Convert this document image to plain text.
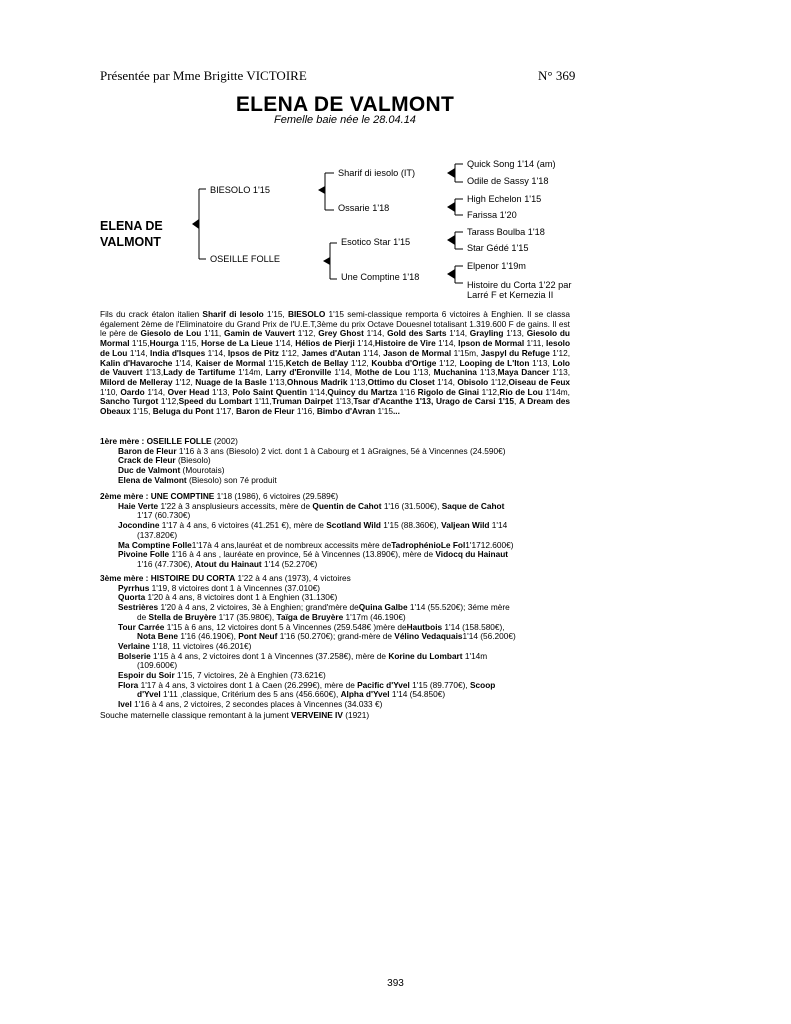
Présentée par Mme Brigitte VICTOIRE	N° 369
ELENA DE VALMONT
Femelle baie née le 28.04.14
ELENA DE
VALMONT
BIESOLO 1'15
OSEILLE FOLLE
Sharif di iesolo (IT)
Ossarie 1'18
Esotico Star 1'15
Une Comptine 1'18
Quick Song 1'14 (am)
Odile de Sassy 1'18
High Echelon 1'15
Farissa 1'20
Tarass Boulba 1'18
Star Gédé 1'15
Elpenor 1'19m
Histoire du Corta 1'22 par
Larré F et Kernezia II
Fils du crack étalon italien Sharif di Iesolo 1'15, BIESOLO 1'15 semi-classique remporta 6 victoires à Enghien. Il se classa également 2ème de l'Eliminatoire du Grand Prix de l'U.E.T,3ème du prix Octave Douesnel totalisant 1.319.600 F de gains. Il est le père de Giesolo de Lou 1'11, Gamin de Vauvert 1'12, Grey Ghost 1'14, Gold des Sarts 1'14, Grayling 1'13, Giesolo du Mormal 1'15,Hourga 1'15, Horse de La Lieue 1'14, Hélios de Pierji 1'14,Histoire de Vire 1'14, Ipson de Mormal 1'11, Iesolo de Lou 1'14, India d'Isques 1'14, Ipsos de Pitz 1'12, James d'Autan 1'14, Jason de Mormal 1'15m, Jaspyl du Refuge 1'12, Kalin d'Havaroche 1'14, Kaiser de Mormal 1'15,Ketch de Bellay 1'12, Koubba d'Ortige 1'12, Looping de L'Iton 1'13, Lolo de Vauvert 1'13,Lady de Tartifume 1'14m, Larry d'Eronville 1'14, Mothe de Lou 1'13, Muchanina 1'13,Maya Dancer 1'13, Milord de Melleray 1'12, Nuage de la Basle 1'13,Ohnous Madrik 1'13,Ottimo du Closet 1'14, Obisolo 1'12,Oiseau de Feux 1'10, Oardo 1'14, Over Head 1'13, Polo Saint Quentin 1'14,Quincy du Martza 1'16 Rigolo de Ginai 1'12,Rio de Lou 1'14m, Sancho Turgot 1'12,Speed du Lombart 1'11,Truman Dairpet 1'13,Tsar d'Acanthe 1'13, Urago de Carsi 1'15, A Dream des Obeaux 1'15, Beluga du Pont 1'17, Baron de Fleur 1'16, Bimbo d'Avran 1'15...
1ère mère : OSEILLE FOLLE (2002)
Baron de Fleur 1'16 à 3 ans (Biesolo) 2 vict. dont 1 à Cabourg et 1 àGraignes, 5é à Vincennes (24.590€)
Crack de Fleur (Biesolo)
Duc de Valmont (Mourotais)
Elena de Valmont (Biesolo) son 7é produit
2ème mère : UNE COMPTINE 1'18 (1986), 6 victoires (29.589€)
Haie Verte 1'22 à 3 ansplusieurs accessits, mère de Quentin de Cahot 1'16 (31.500€), Saque de Cahot
1'17 (60.730€)
Jocondine 1'17 à 4 ans, 6 victoires (41.251 €), mère de Scotland Wild 1'15 (88.360€), Valjean Wild 1'14
(137.820€)
Ma Comptine Folle1'17à 4 ans,lauréat et de nombreux accessits mère deTadrophénioLe Fol1'1712.600€)
Pivoine Folle 1'16 à 4 ans , lauréate en province, 5é à Vincennes (13.890€), mère de Vidocq du Hainaut
1'16 (47.730€), Atout du Hainaut 1'14 (52.270€)
3ème mère : HISTOIRE DU CORTA 1'22 à 4 ans (1973), 4 victoires
Pyrrhus 1'19, 8 victoires dont 1 à Vincennes (37.010€)
Quorta 1'20 à 4 ans, 8 victoires dont 1 à Enghien (31.130€)
Sestrières 1'20 à 4 ans, 2 victoires, 3è à Enghien; grand'mère deQuina Galbe 1'14 (55.520€); 3éme mère
de Stella de Bruyère 1'17 (35.980€), Taïga de Bruyère 1'17m (46.190€)
Tour Carrée 1'15 à 6 ans, 12 victoires dont 5 à Vincennes (259.548€ )mère deHautbois 1'14 (158.580€),
Nota Bene 1'16 (46.190€), Pont Neuf 1'16 (50.270€); grand-mère de Vélino Vedaquais1'14 (56.200€)
Verlaine 1'18, 11 victoires (46.201€)
Bolserie 1'15 à 4 ans, 2 victoires dont 1 à Vincennes (37.258€), mère de Korine du Lombart 1'14m
(109.600€)
Espoir du Soir 1'15, 7 victoires, 2è à Enghien (73.621€)
Flora 1'17 à 4 ans, 3 victoires dont 1 à Caen (26.299€), mère de Pacific d'Yvel 1'15 (89.770€), Scoop
d'Yvel 1'11 ,classique, Critérium des 5 ans (456.660€), Alpha d'Yvel 1'14 (54.850€)
Ivel 1'16 à 4 ans, 2 victoires, 2 secondes places à Vincennes (34.033 €)
Souche maternelle classique remontant à la jument VERVEINE IV (1921)
393
